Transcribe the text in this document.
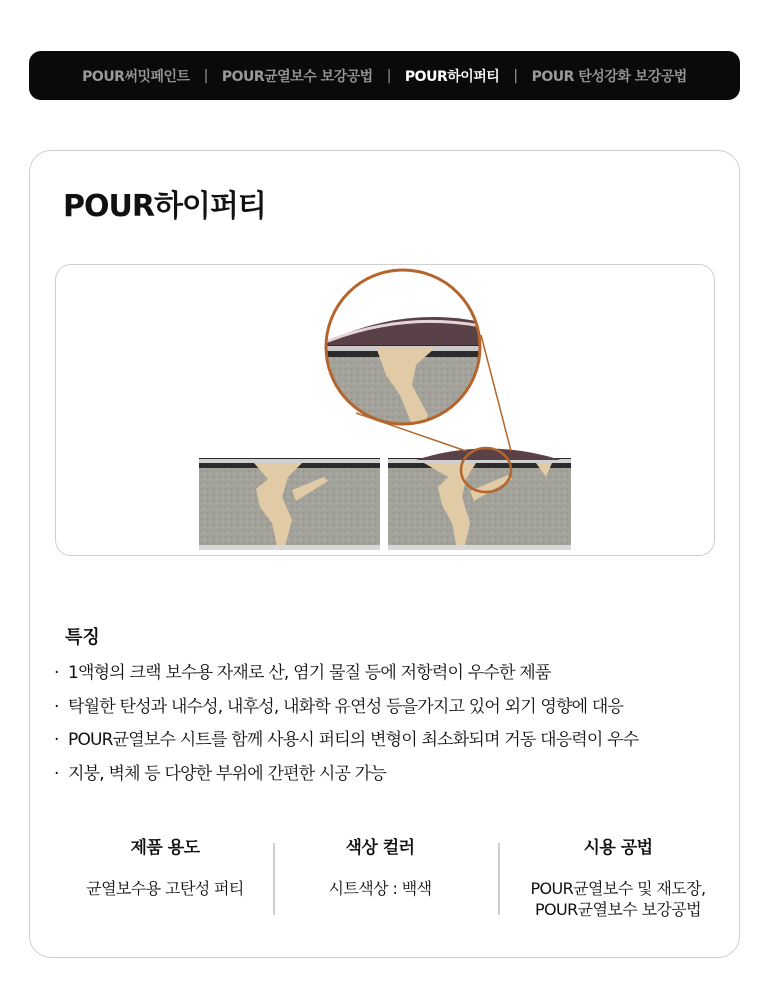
POUR써밋페인트 | POUR균열보수 보강공법 | POUR하이퍼티 | POUR 탄성강화 보강공법
POUR하이퍼티
특징
· 1액형의 크랙 보수용 자재로 산, 염기 물질 등에 저항력이 우수한 제품
· 탁월한 탄성과 내수성, 내후성, 내화학 유연성 등을가지고 있어 외기 영향에 대응
· POUR균열보수 시트를 함께 사용시 퍼티의 변형이 최소화되며 거동 대응력이 우수
· 지붕, 벽체 등 다양한 부위에 간편한 시공 가능
제품 용도
균열보수용 고탄성 퍼티
색상 컬러
시트색상 : 백색
시용 공법
POUR균열보수 및 재도장,
POUR균열보수 보강공법
